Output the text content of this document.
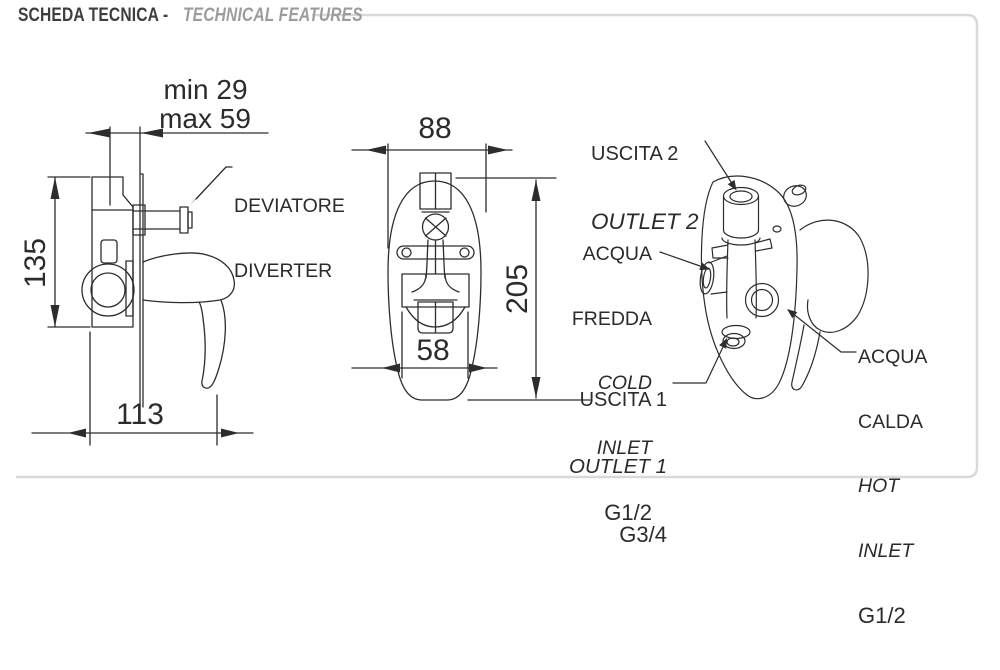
SCHEDA TECNICA - TECHNICAL FEATURES
min 29
max 59
135
113

DEVIATORE

DIVERTER

88
58
205

USCITA 2

OUTLET 2

ACQUA

FREDDA

COLD

INLET

G1/2

USCITA 1

OUTLET 1

G3/4

ACQUA

CALDA

HOT

INLET

G1/2
